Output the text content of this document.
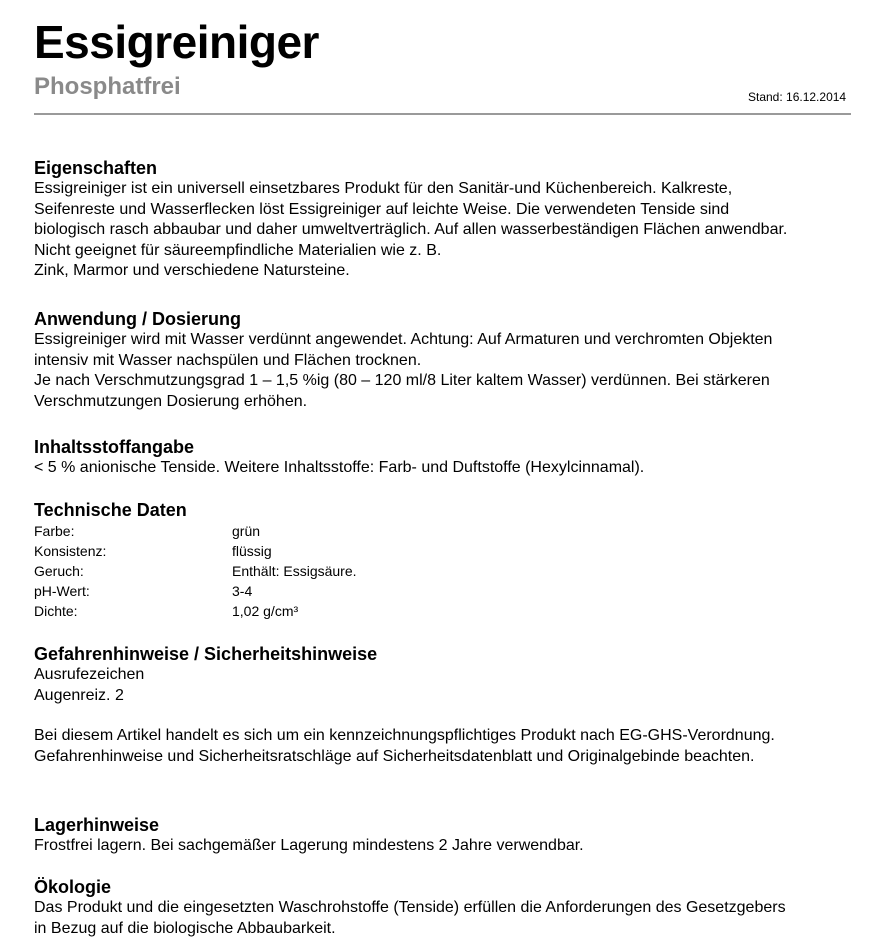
Essigreiniger
Phosphatfrei	Stand: 16.12.2014
Eigenschaften

Essigreiniger ist ein universell einsetzbares Produkt für den Sanitär-und Küchenbereich. Kalkreste,

Seifenreste und Wasserflecken löst Essigreiniger auf leichte Weise. Die verwendeten Tenside sind

biologisch rasch abbaubar und daher umweltverträglich. Auf allen wasserbeständigen Flächen anwendbar.

Nicht geeignet für säureempfindliche Materialien wie z. B.

Zink, Marmor und verschiedene Natursteine.

Anwendung / Dosierung

Essigreiniger wird mit Wasser verdünnt angewendet. Achtung: Auf Armaturen und verchromten Objekten

intensiv mit Wasser nachspülen und Flächen trocknen.

Je nach Verschmutzungsgrad 1 – 1,5 %ig (80 – 120 ml/8 Liter kaltem Wasser) verdünnen. Bei stärkeren

Verschmutzungen Dosierung erhöhen.

Inhaltsstoffangabe

< 5 % anionische Tenside. Weitere Inhaltsstoffe: Farb- und Duftstoffe (Hexylcinnamal).

Technische Daten
Farbe:	grün
Konsistenz:	flüssig
Geruch:	Enthält: Essigsäure.
pH-Wert:	3-4
Dichte:	1,02 g/cm³
Gefahrenhinweise / Sicherheitshinweise

Ausrufezeichen

Augenreiz. 2

Bei diesem Artikel handelt es sich um ein kennzeichnungspflichtiges Produkt nach EG-GHS-Verordnung.

Gefahrenhinweise und Sicherheitsratschläge auf Sicherheitsdatenblatt und Originalgebinde beachten.

Lagerhinweise

Frostfrei lagern. Bei sachgemäßer Lagerung mindestens 2 Jahre verwendbar.

Ökologie

Das Produkt und die eingesetzten Waschrohstoffe (Tenside) erfüllen die Anforderungen des Gesetzgebers

in Bezug auf die biologische Abbaubarkeit.
